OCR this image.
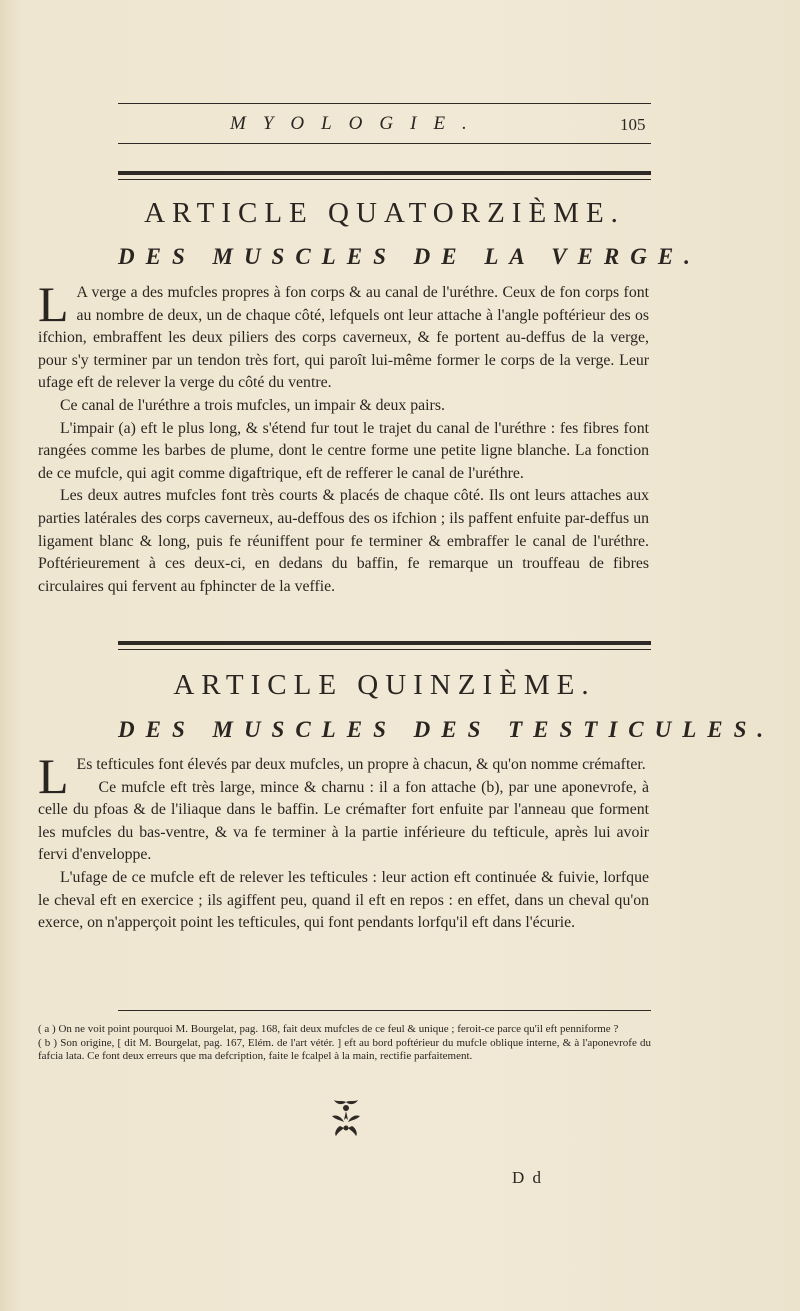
MYOLOGIE.	105
ARTICLE QUATORZIÈME.
DES MUSCLES DE LA VERGE.

L A verge a des mufcles propres à fon corps & au canal de l'uréthre. Ceux de fon corps font au nombre de deux, un de chaque côté, lefquels ont leur attache à l'angle poftérieur des os ifchion, embraffent les deux piliers des corps caverneux, & fe portent au-deffus de la verge, pour s'y terminer par un tendon très fort, qui paroît lui-même former le corps de la verge. Leur ufage eft de relever la verge du côté du ventre.

Ce canal de l'uréthre a trois mufcles, un impair & deux pairs.

L'impair (a) eft le plus long, & s'étend fur tout le trajet du canal de l'uréthre : fes fibres font rangées comme les barbes de plume, dont le centre forme une petite ligne blanche. La fonction de ce mufcle, qui agit comme digaftrique, eft de refferer le canal de l'uréthre.

Les deux autres mufcles font très courts & placés de chaque côté. Ils ont leurs attaches aux parties latérales des corps caverneux, au-deffous des os ifchion ; ils paffent enfuite par-deffus un ligament blanc & long, puis fe réuniffent pour fe terminer & embraffer le canal de l'uréthre. Poftérieurement à ces deux-ci, en dedans du baffin, fe remarque un trouffeau de fibres circulaires qui fervent au fphincter de la veffie.

ARTICLE QUINZIÈME.
DES MUSCLES DES TESTICULES.

L Es tefticules font élevés par deux mufcles, un propre à chacun, & qu'on nomme crémafter.

Ce mufcle eft très large, mince & charnu : il a fon attache (b), par une aponevrofe, à celle du pfoas & de l'iliaque dans le baffin. Le crémafter fort enfuite par l'anneau que forment les mufcles du bas-ventre, & va fe terminer à la partie inférieure du tefticule, après lui avoir fervi d'enveloppe.

L'ufage de ce mufcle eft de relever les tefticules : leur action eft continuée & fuivie, lorfque le cheval eft en exercice ; ils agiffent peu, quand il eft en repos : en effet, dans un cheval qu'on exerce, on n'apperçoit point les tefticules, qui font pendants lorfqu'il eft dans l'écurie.

( a ) On ne voit point pourquoi M. Bourgelat, pag. 168, fait deux mufcles de ce feul & unique ; feroit-ce parce qu'il eft penniforme ?

( b ) Son origine, [ dit M. Bourgelat, pag. 167, Elém. de l'art vétér. ] eft au bord poftérieur du mufcle oblique interne, & à l'aponevrofe du fafcia lata. Ce font deux erreurs que ma defcription, faite le fcalpel à la main, rectifie parfaitement.

D d
